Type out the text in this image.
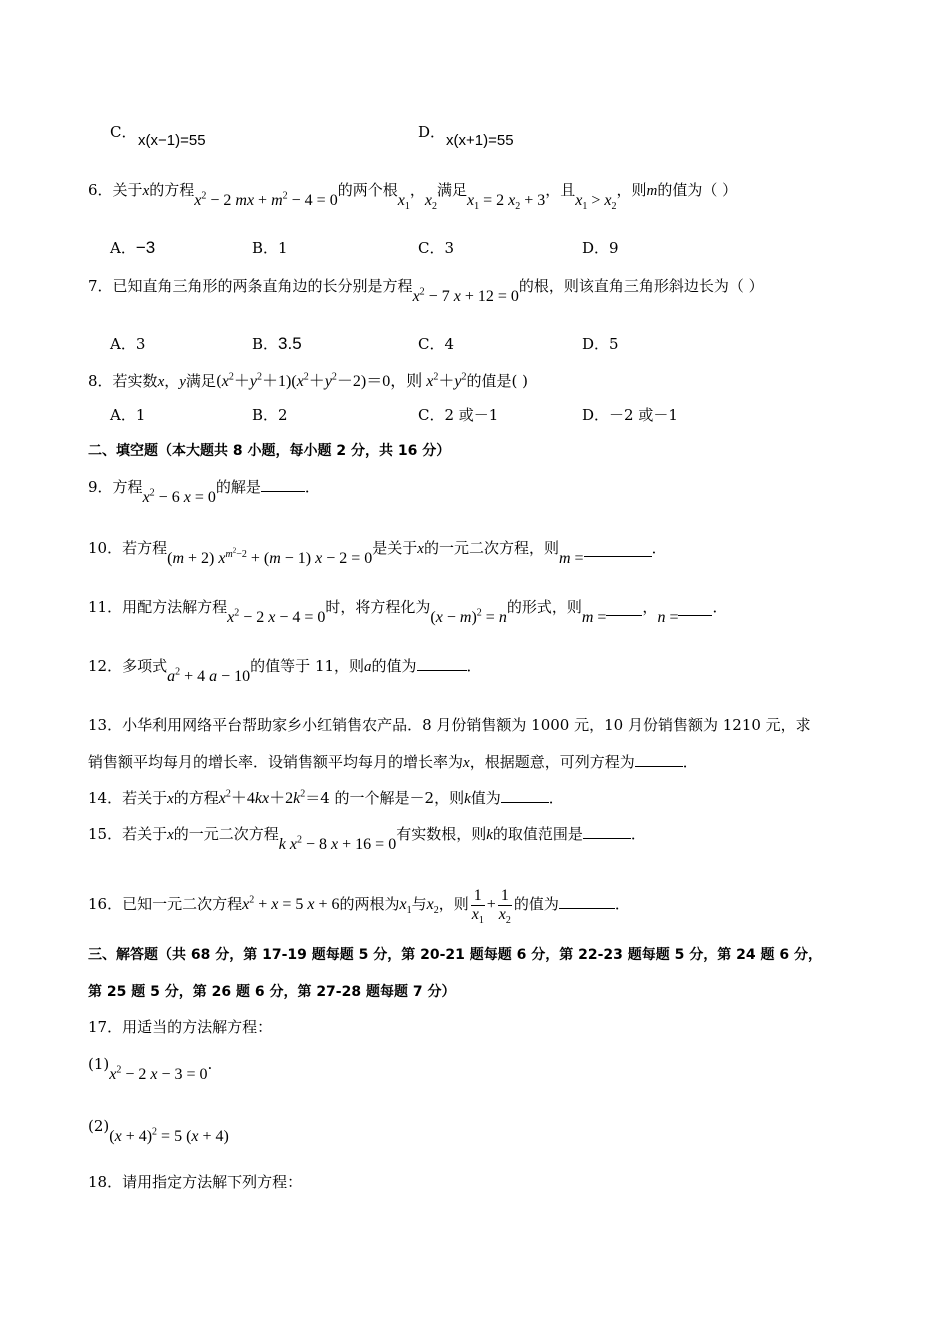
C． x(x−1)=55	D． x(x+1)=55
6．关于x的方程$x^2 - 2$ mx + $m^2 - 4 = 0$的两个根$x_1$，$x_2$满足$x_1 = 2$ $x_2 + 3$，且$x_1 > x_2$，则m的值为（ ）
A．−3	B．1	C．3	D．9
7．已知直角三角形的两条直角边的长分别是方程$x^2 - 7$ x + 12 = 0的根，则该直角三角形斜边长为（ ）
A．3	B．3.5	C．4	D．5
8．若实数x，y满足$(x^2+y^2+1)(x^2+y^2-2)=0$，则 $x^2+y^2$的值是( )
A．1	B．2	C．2 或－1	D．－2 或－1
二、填空题（本大题共 8 小题，每小题 2 分，共 16 分）
9．方程$x^2 - 6$ x = 0的解是	．
10．若方程(m + 2) $x^{m^2-2} + (m - 1) x - 2 = 0$是关于x的一元二次方程，则m =．
11．用配方法解方程$x^2 - 2$ x − 4 = 0时，将方程化为$(x - m)^2 = n$的形式，则m =，n =．
12．多项式$a^2 + 4$ a − 10的值等于 11，则a的值为	．
13．小华利用网络平台帮助家乡小红销售农产品．8 月份销售额为 1000 元，10 月份销售额为 1210 元，求
销售额平均每月的增长率．设销售额平均每月的增长率为x，根据题意，可列方程为	．
14．若关于x的方程$x^2+4kx+2k^2=4$ 的一个解是－2，则k值为	．
15．若关于x的一元二次方程k $x^2 - 8$ x + 16 = 0有实数根，则k的取值范围是	．
16．已知一元二次方程$x^2 + x = 5$ x + 6的两根为$x_1$与$x_2$，则 $\frac{1}{x_1} + \frac{1}{x_2}$ 的值为	．
三、解答题（共 68 分，第 17-19 题每题 5 分，第 20-21 题每题 6 分，第 22-23 题每题 5 分，第 24 题 6 分，
第 25 题 5 分，第 26 题 6 分，第 27-28 题每题 7 分）
17．用适当的方法解方程：
$(1)x^2 - 2$ x − 3 = 0.
$(2)(x + 4)^2 = 5$ (x + 4)
18．请用指定方法解下列方程：
